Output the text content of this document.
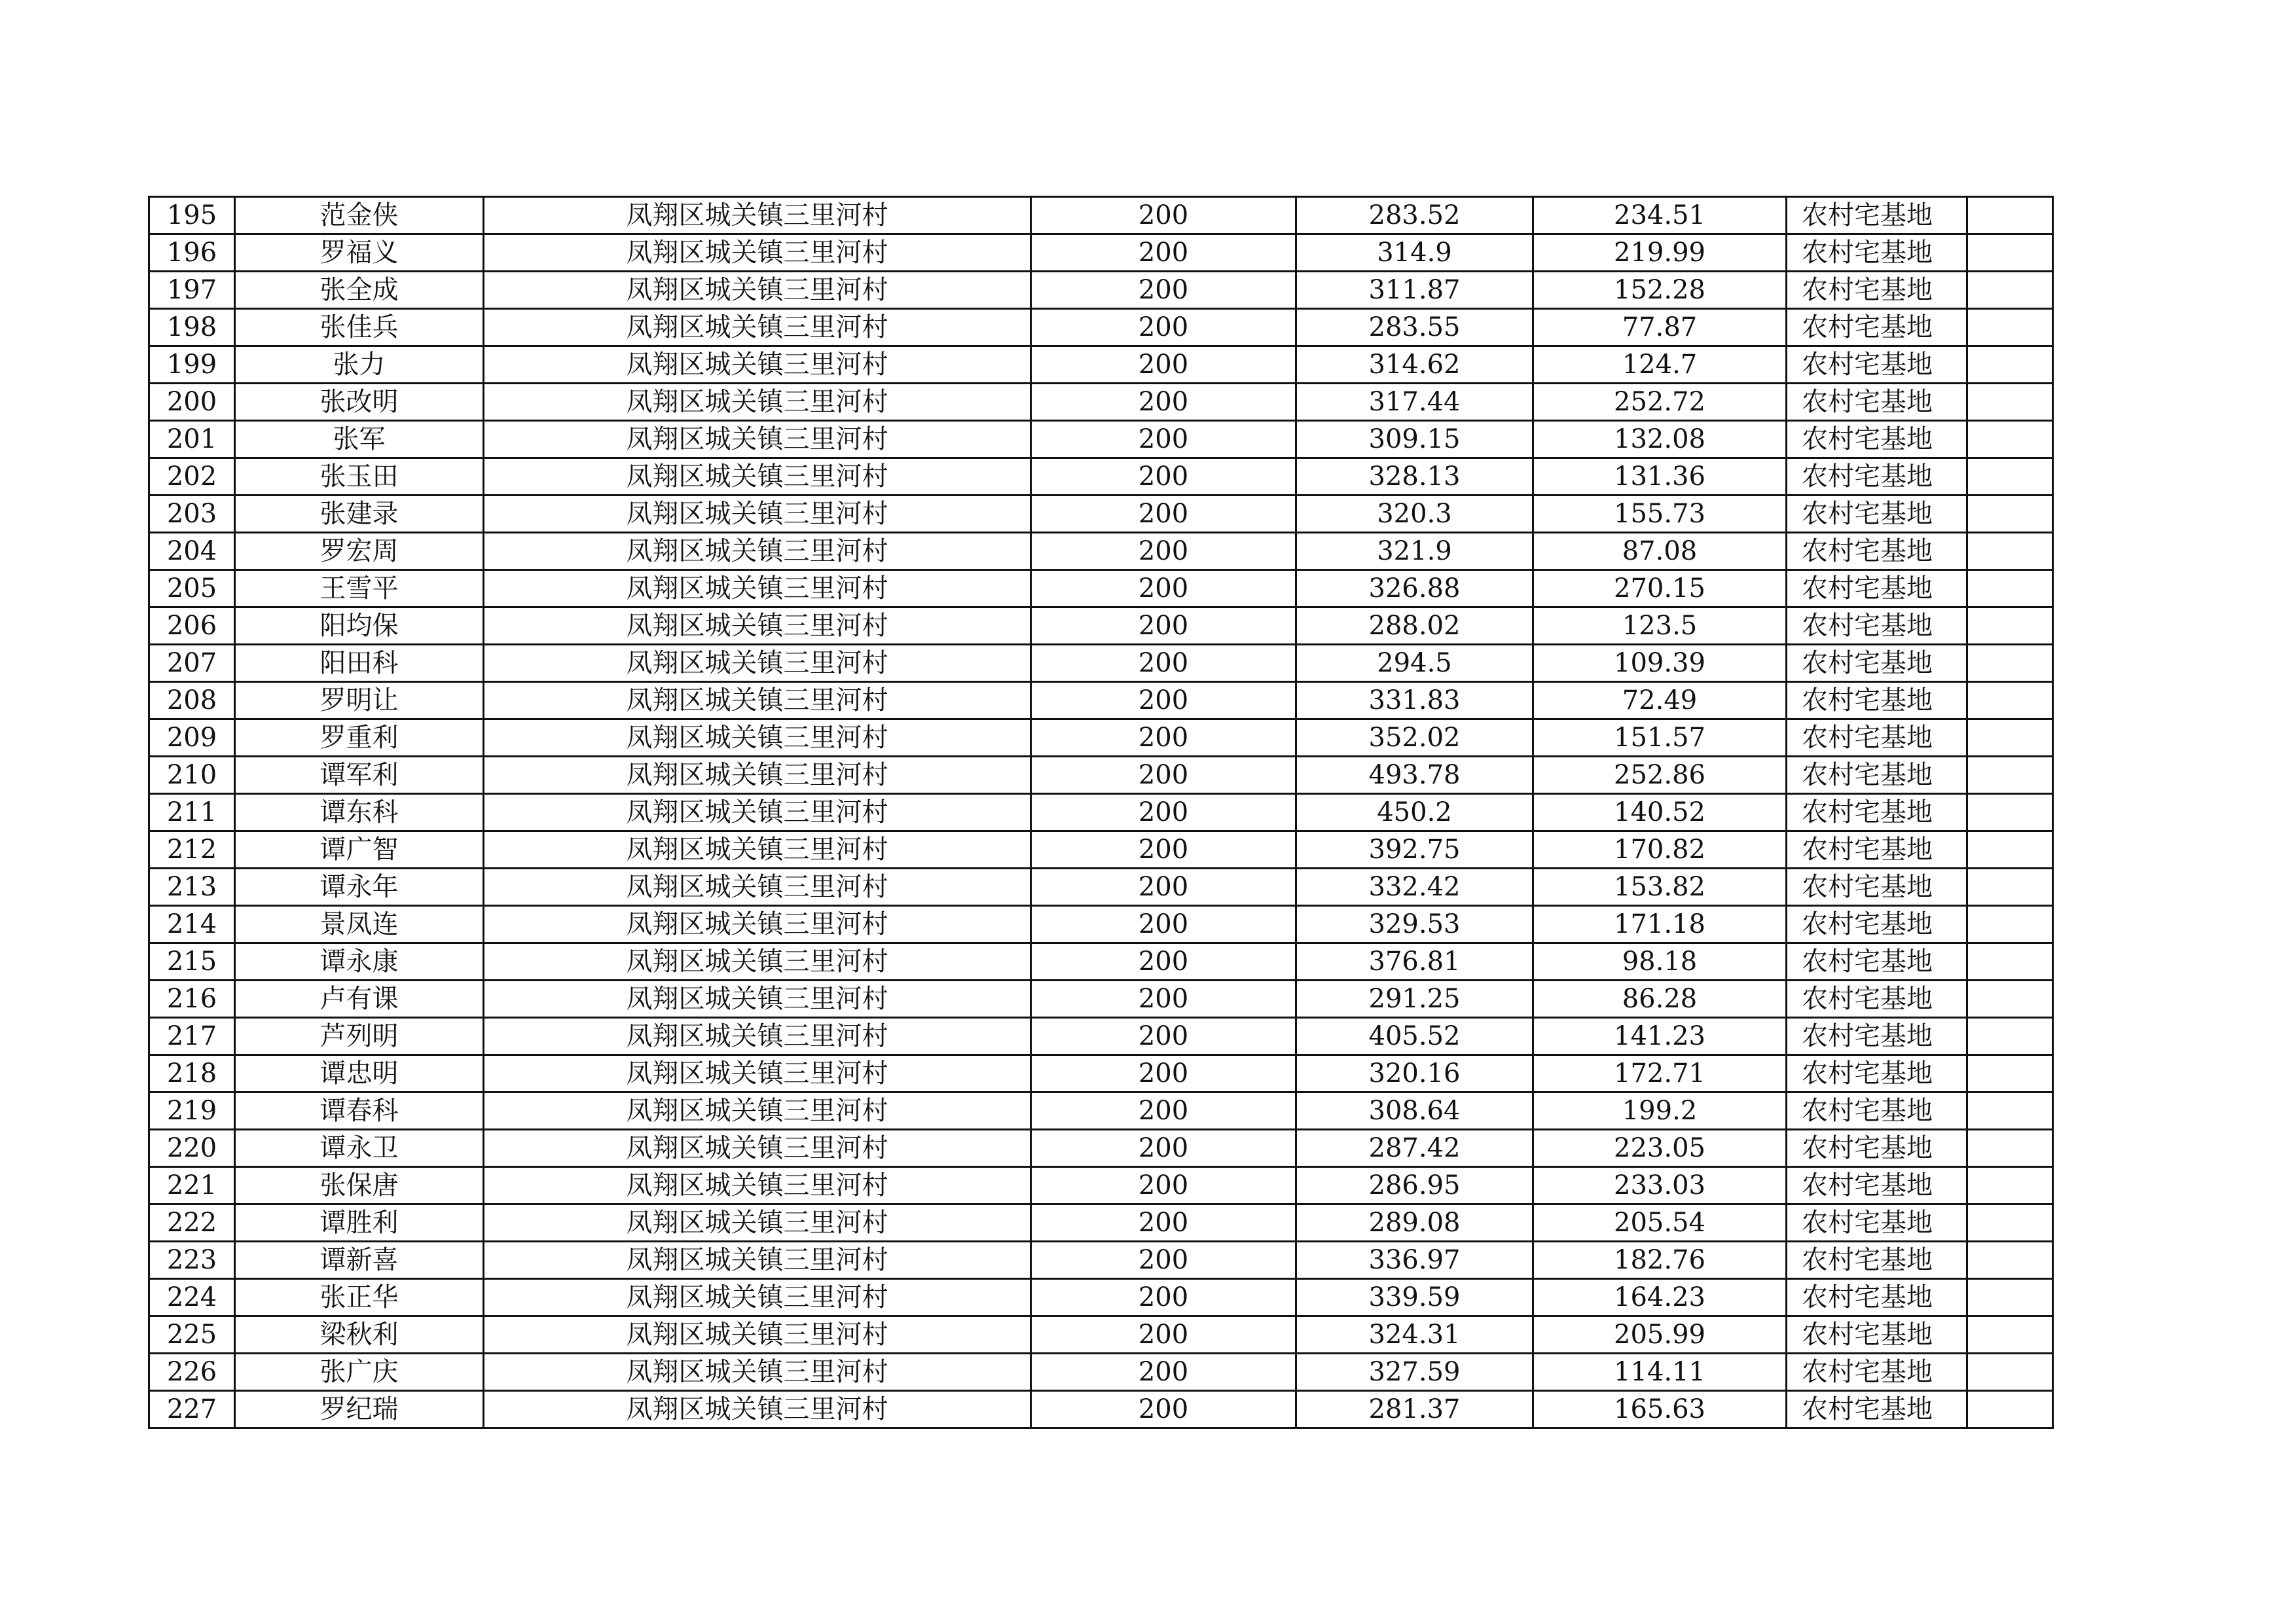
195	范金侠	凤翔区城关镇三里河村	200	283.52	234.51	农村宅基地	
196	罗福义	凤翔区城关镇三里河村	200	314.9	219.99	农村宅基地	
197	张全成	凤翔区城关镇三里河村	200	311.87	152.28	农村宅基地	
198	张佳兵	凤翔区城关镇三里河村	200	283.55	77.87	农村宅基地	
199	张力	凤翔区城关镇三里河村	200	314.62	124.7	农村宅基地	
200	张改明	凤翔区城关镇三里河村	200	317.44	252.72	农村宅基地	
201	张军	凤翔区城关镇三里河村	200	309.15	132.08	农村宅基地	
202	张玉田	凤翔区城关镇三里河村	200	328.13	131.36	农村宅基地	
203	张建录	凤翔区城关镇三里河村	200	320.3	155.73	农村宅基地	
204	罗宏周	凤翔区城关镇三里河村	200	321.9	87.08	农村宅基地	
205	王雪平	凤翔区城关镇三里河村	200	326.88	270.15	农村宅基地	
206	阳均保	凤翔区城关镇三里河村	200	288.02	123.5	农村宅基地	
207	阳田科	凤翔区城关镇三里河村	200	294.5	109.39	农村宅基地	
208	罗明让	凤翔区城关镇三里河村	200	331.83	72.49	农村宅基地	
209	罗重利	凤翔区城关镇三里河村	200	352.02	151.57	农村宅基地	
210	谭军利	凤翔区城关镇三里河村	200	493.78	252.86	农村宅基地	
211	谭东科	凤翔区城关镇三里河村	200	450.2	140.52	农村宅基地	
212	谭广智	凤翔区城关镇三里河村	200	392.75	170.82	农村宅基地	
213	谭永年	凤翔区城关镇三里河村	200	332.42	153.82	农村宅基地	
214	景凤连	凤翔区城关镇三里河村	200	329.53	171.18	农村宅基地	
215	谭永康	凤翔区城关镇三里河村	200	376.81	98.18	农村宅基地	
216	卢有课	凤翔区城关镇三里河村	200	291.25	86.28	农村宅基地	
217	芦列明	凤翔区城关镇三里河村	200	405.52	141.23	农村宅基地	
218	谭忠明	凤翔区城关镇三里河村	200	320.16	172.71	农村宅基地	
219	谭春科	凤翔区城关镇三里河村	200	308.64	199.2	农村宅基地	
220	谭永卫	凤翔区城关镇三里河村	200	287.42	223.05	农村宅基地	
221	张保唐	凤翔区城关镇三里河村	200	286.95	233.03	农村宅基地	
222	谭胜利	凤翔区城关镇三里河村	200	289.08	205.54	农村宅基地	
223	谭新喜	凤翔区城关镇三里河村	200	336.97	182.76	农村宅基地	
224	张正华	凤翔区城关镇三里河村	200	339.59	164.23	农村宅基地	
225	梁秋利	凤翔区城关镇三里河村	200	324.31	205.99	农村宅基地	
226	张广庆	凤翔区城关镇三里河村	200	327.59	114.11	农村宅基地	
227	罗纪瑞	凤翔区城关镇三里河村	200	281.37	165.63	农村宅基地	
